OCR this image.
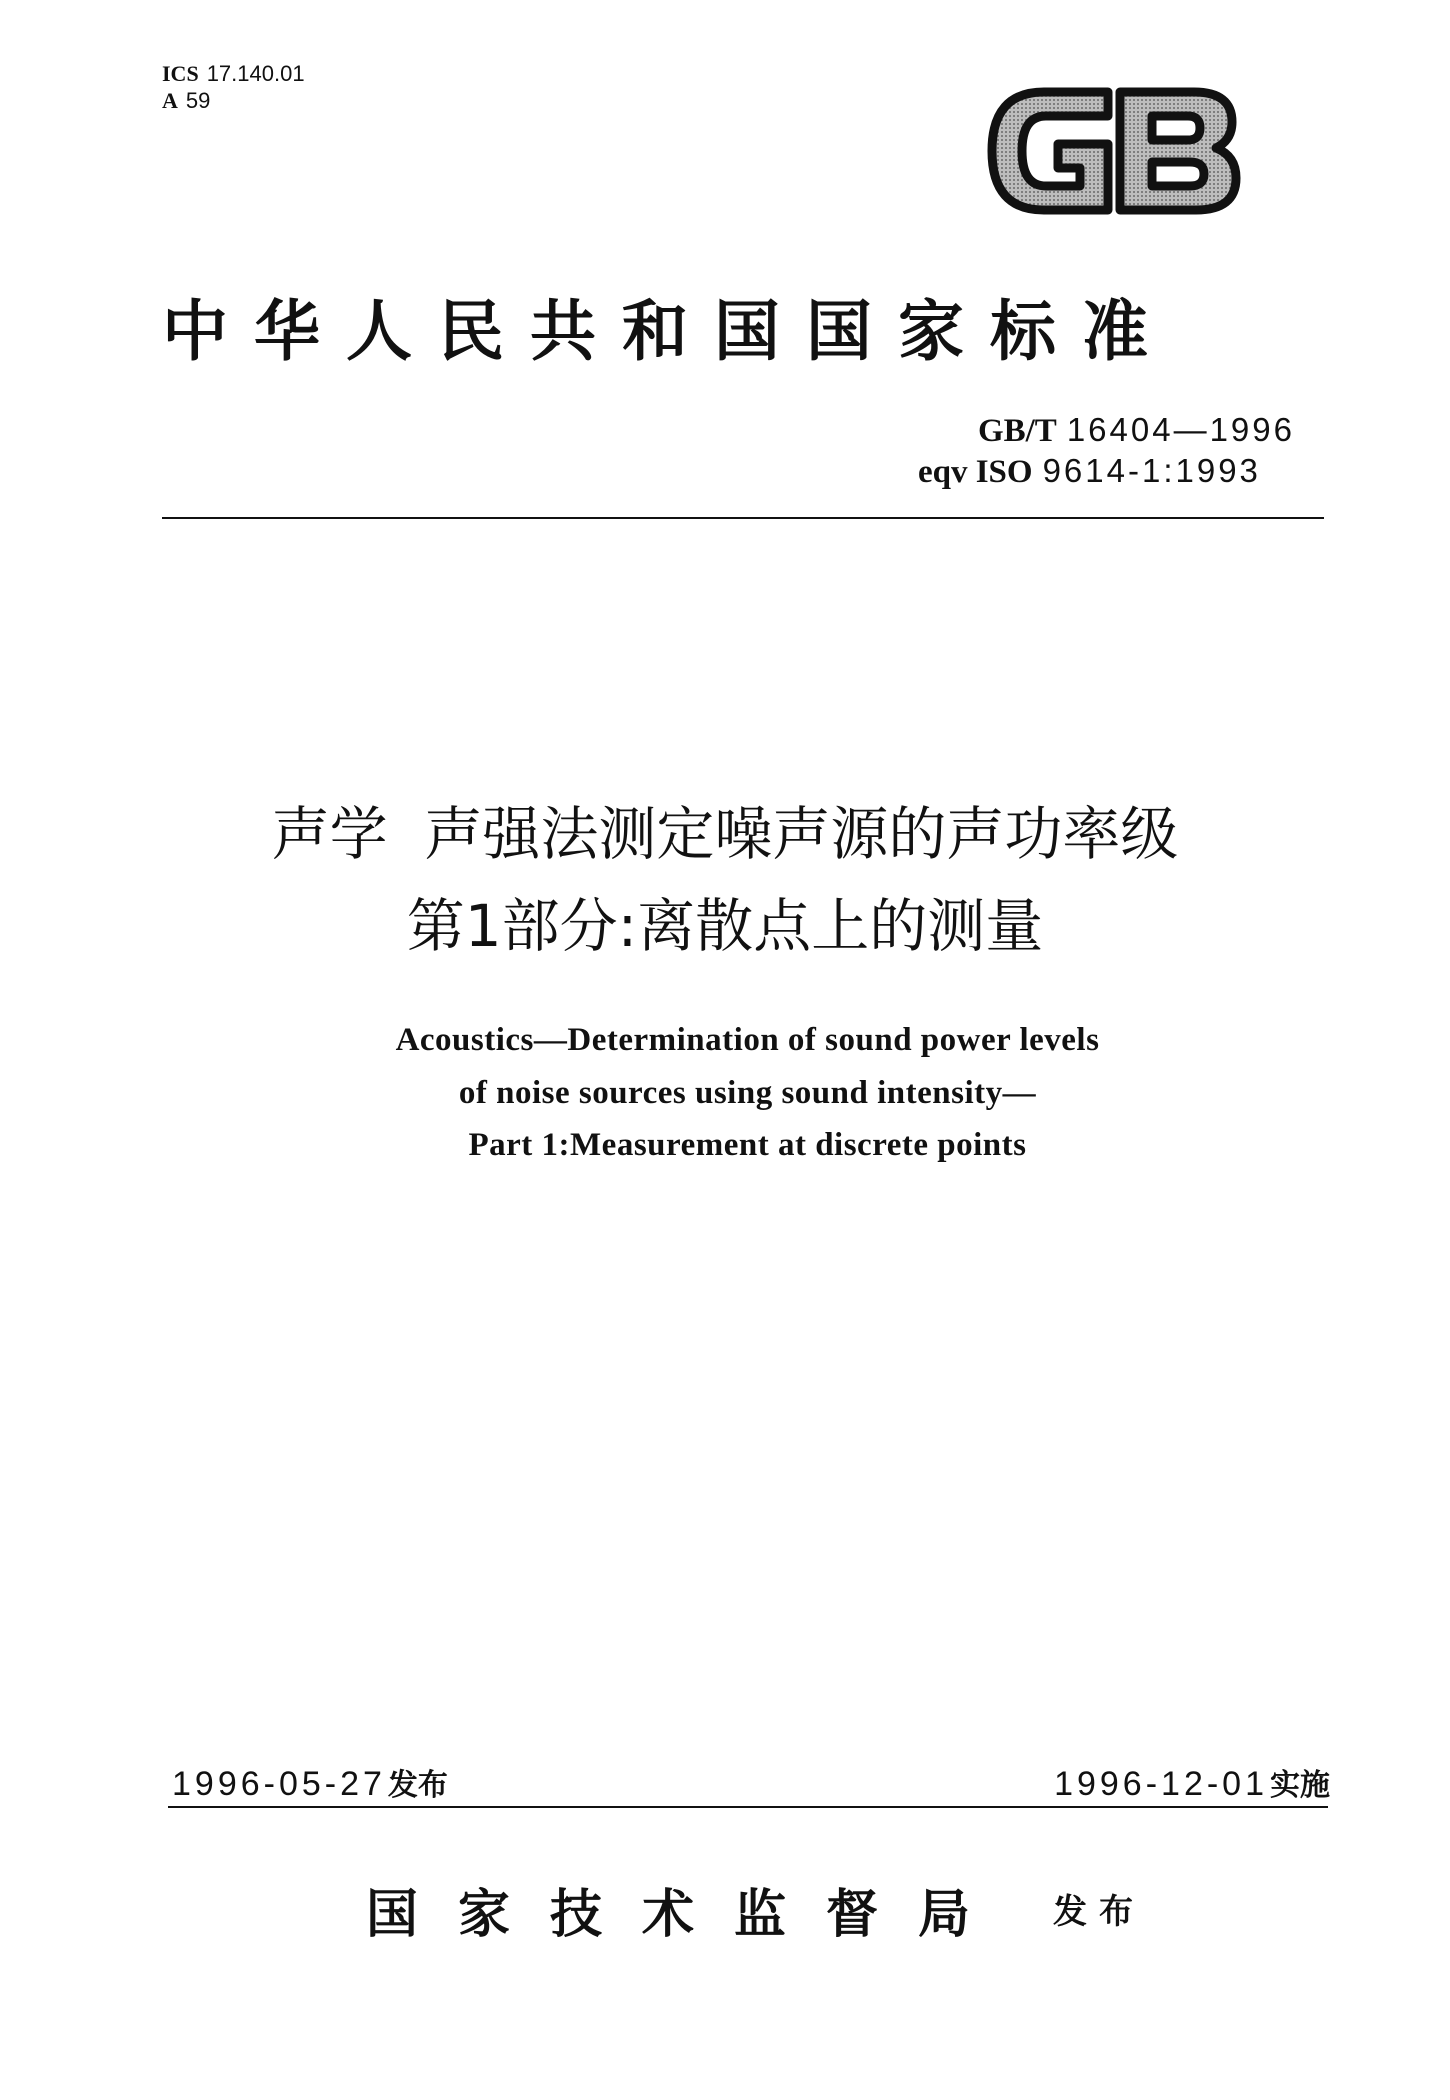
ICS 17.140.01
A 59
中华人民共和国国家标准
GB/T 16404—1996
eqv ISO 9614-1:1993
声学  声强法测定噪声源的声功率级
第1部分:离散点上的测量
Acoustics—Determination of sound power levels
of noise sources using sound intensity—
Part 1:Measurement at discrete points
1996-05-27发布	1996-12-01实施
国家技术监督局 发布
